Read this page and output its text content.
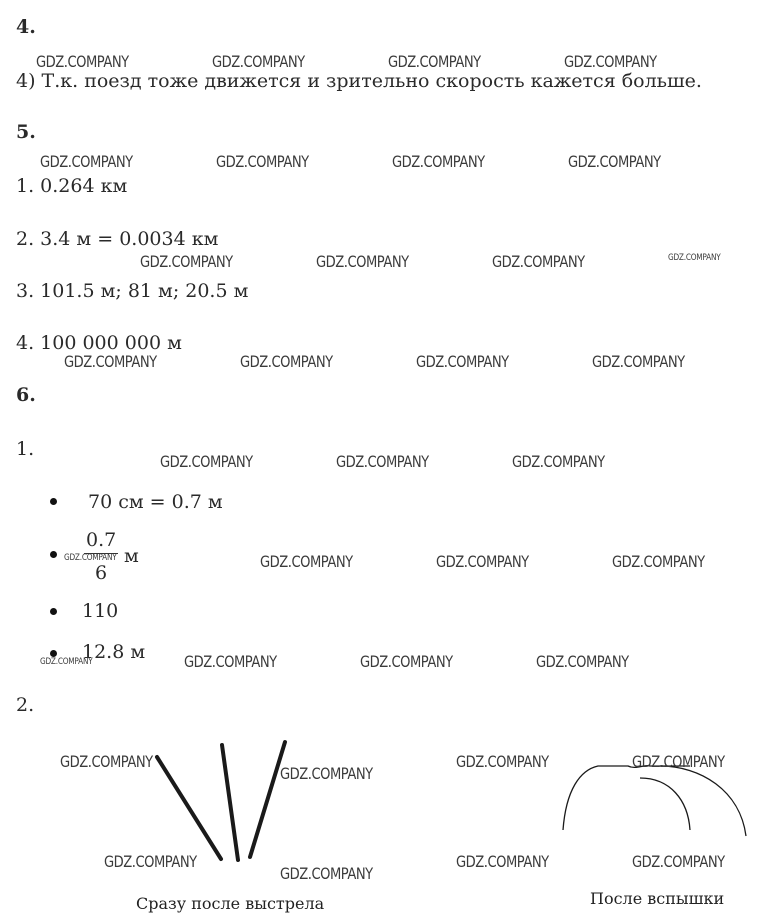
4.
4) Т.к. поезд тоже движется и зрительно скорость кажется больше.
5.
1. 0.264 км
2. 3.4 м = 0.0034 км
3. 101.5 м; 81 м; 20.5 м
4. 100 000 000 м
6.
1.
70 см = 0.7 м
0.7
6
м
110
12.8 м
2.
Сразу после выстрела	После вспышки
GDZ.COMPANY	GDZ.COMPANY	GDZ.COMPANY	GDZ.COMPANY
GDZ.COMPANY	GDZ.COMPANY	GDZ.COMPANY	GDZ.COMPANY
GDZ.COMPANY	GDZ.COMPANY	GDZ.COMPANY	GDZ.COMPANY
GDZ.COMPANY	GDZ.COMPANY	GDZ.COMPANY	GDZ.COMPANY
GDZ.COMPANY	GDZ.COMPANY	GDZ.COMPANY
GDZ.COMPANY	GDZ.COMPANY	GDZ.COMPANY	GDZ.COMPANY
GDZ.COMPANY	GDZ.COMPANY	GDZ.COMPANY	GDZ.COMPANY
GDZ.COMPANY
GDZ.COMPANY
GDZ.COMPANY	GDZ.COMPANY
GDZ.COMPANY
GDZ.COMPANY
GDZ.COMPANY	GDZ.COMPANY
